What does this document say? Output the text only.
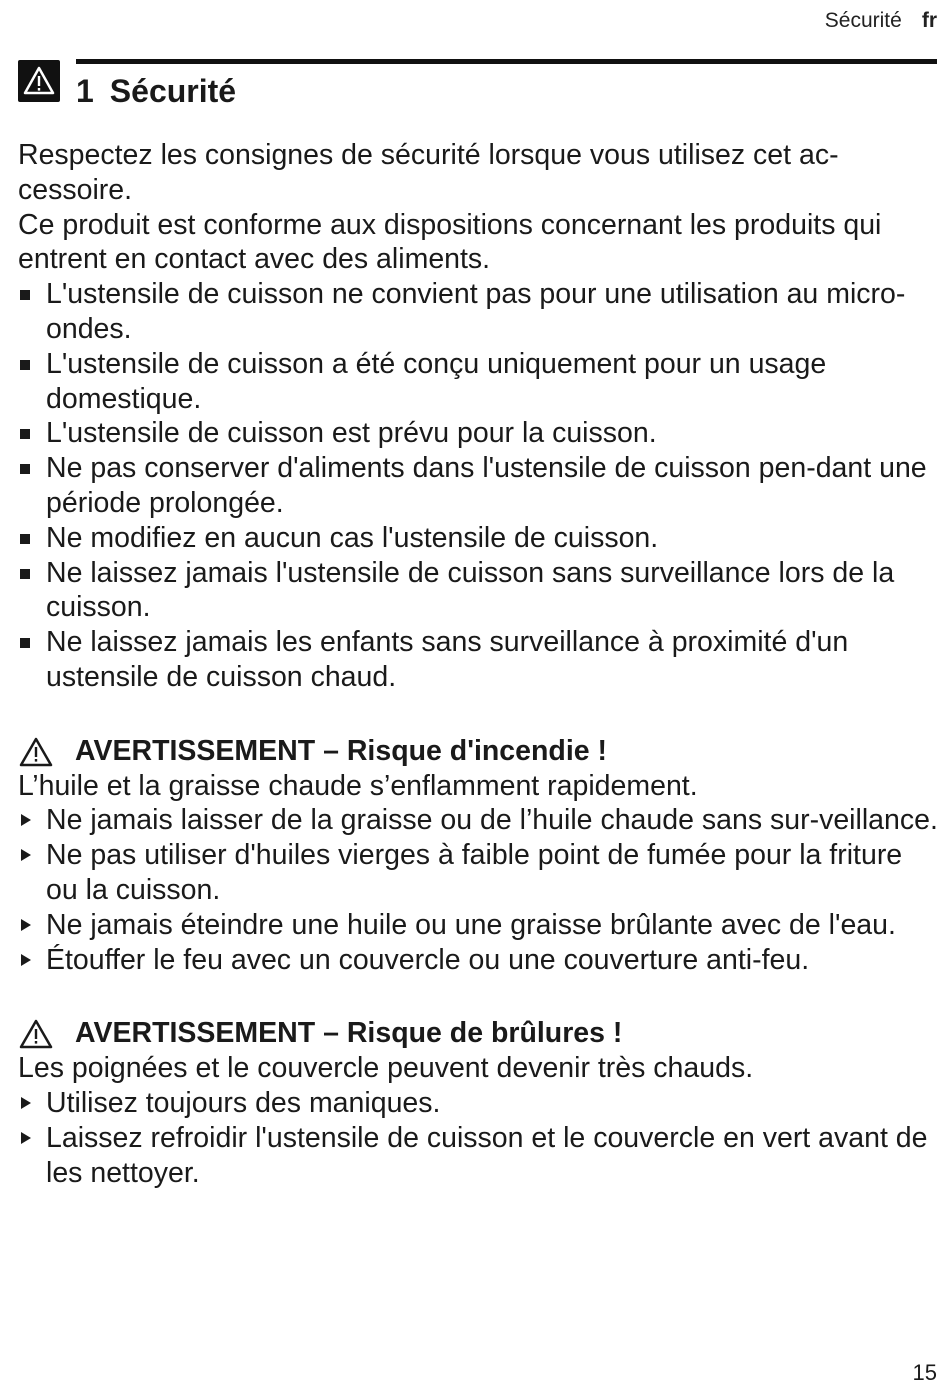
Sécurité fr
1 Sécurité

Respectez les consignes de sécurité lorsque vous utilisez cet ac-​cessoire.

Ce produit est conforme aux dispositions concernant les produits qui entrent en contact avec des aliments.

L'ustensile de cuisson ne convient pas pour une utilisation au micro-ondes.
L'ustensile de cuisson a été conçu uniquement pour un usage domestique.
L'ustensile de cuisson est prévu pour la cuisson.
Ne pas conserver d'aliments dans l'ustensile de cuisson pen-​dant une période prolongée.
Ne modifiez en aucun cas l'ustensile de cuisson.
Ne laissez jamais l'ustensile de cuisson sans surveillance lors de la cuisson.
Ne laissez jamais les enfants sans surveillance à proximité d'un ustensile de cuisson chaud.
AVERTISSEMENT – Risque d'incendie !

L’huile et la graisse chaude s’enflamment rapidement.

Ne jamais laisser de la graisse ou de l’huile chaude sans sur-​veillance.
Ne pas utiliser d'huiles vierges à faible point de fumée pour la friture ou la cuisson.
Ne jamais éteindre une huile ou une graisse brûlante avec de l'eau.
Étouffer le feu avec un couvercle ou une couverture anti-feu.
AVERTISSEMENT – Risque de brûlures !

Les poignées et le couvercle peuvent devenir très chauds.

Utilisez toujours des maniques.
Laissez refroidir l'ustensile de cuisson et le couvercle en vert avant de les nettoyer.
15
